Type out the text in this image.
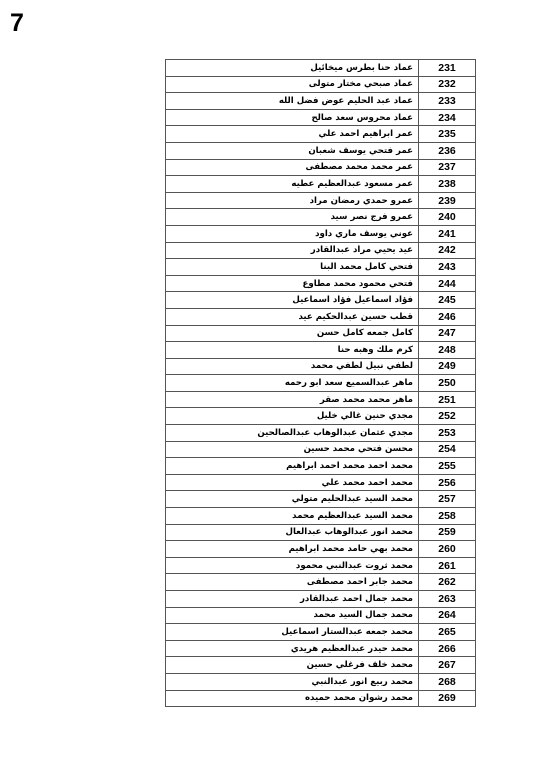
7
عماد حنا بطرس ميخائيل	231
عماد صبحي مختار متولى	232
عماد عبد الحليم عوض فضل الله	233
عماد محروس سعد صالح	234
عمر ابراهيم احمد علي	235
عمر فتحي يوسف شعبان	236
عمر محمد محمد مصطفى	237
عمر مسعود عبدالعظيم عطيه	238
عمرو حمدي رمضان مراد	239
عمرو فرج نصر سيد	240
عوني يوسف ماري داود	241
عيد يحيي مراد عبدالقادر	242
فتحي كامل محمد البنا	243
فتحي محمود محمد مطاوع	244
فؤاد اسماعيل فؤاد اسماعيل	245
قطب حسين عبدالحكيم عيد	246
كامل جمعه كامل حسن	247
كرم ملك وهبه حنا	248
لطفي نبيل لطفي محمد	249
ماهر عبدالسميع سعد ابو رحمه	250
ماهر محمد محمد صقر	251
مجدي حنين غالي خليل	252
مجدي عثمان عبدالوهاب عبدالصالحين	253
محسن فتحي محمد حسين	254
محمد احمد محمد احمد ابراهيم	255
محمد احمد محمد علي	256
محمد السيد عبدالحليم متولي	257
محمد السيد عبدالعظيم محمد	258
محمد انور عبدالوهاب عبدالعال	259
محمد بهي حامد محمد ابراهيم	260
محمد ثروت عبدالنبي محمود	261
محمد جابر احمد مصطفى	262
محمد جمال احمد عبدالقادر	263
محمد جمال السيد محمد	264
محمد جمعه عبدالستار اسماعيل	265
محمد حيدر عبدالعظيم هريدي	266
محمد خلف فرغلي حسين	267
محمد ربيع انور عبدالنبي	268
محمد رشوان محمد حميده	269
